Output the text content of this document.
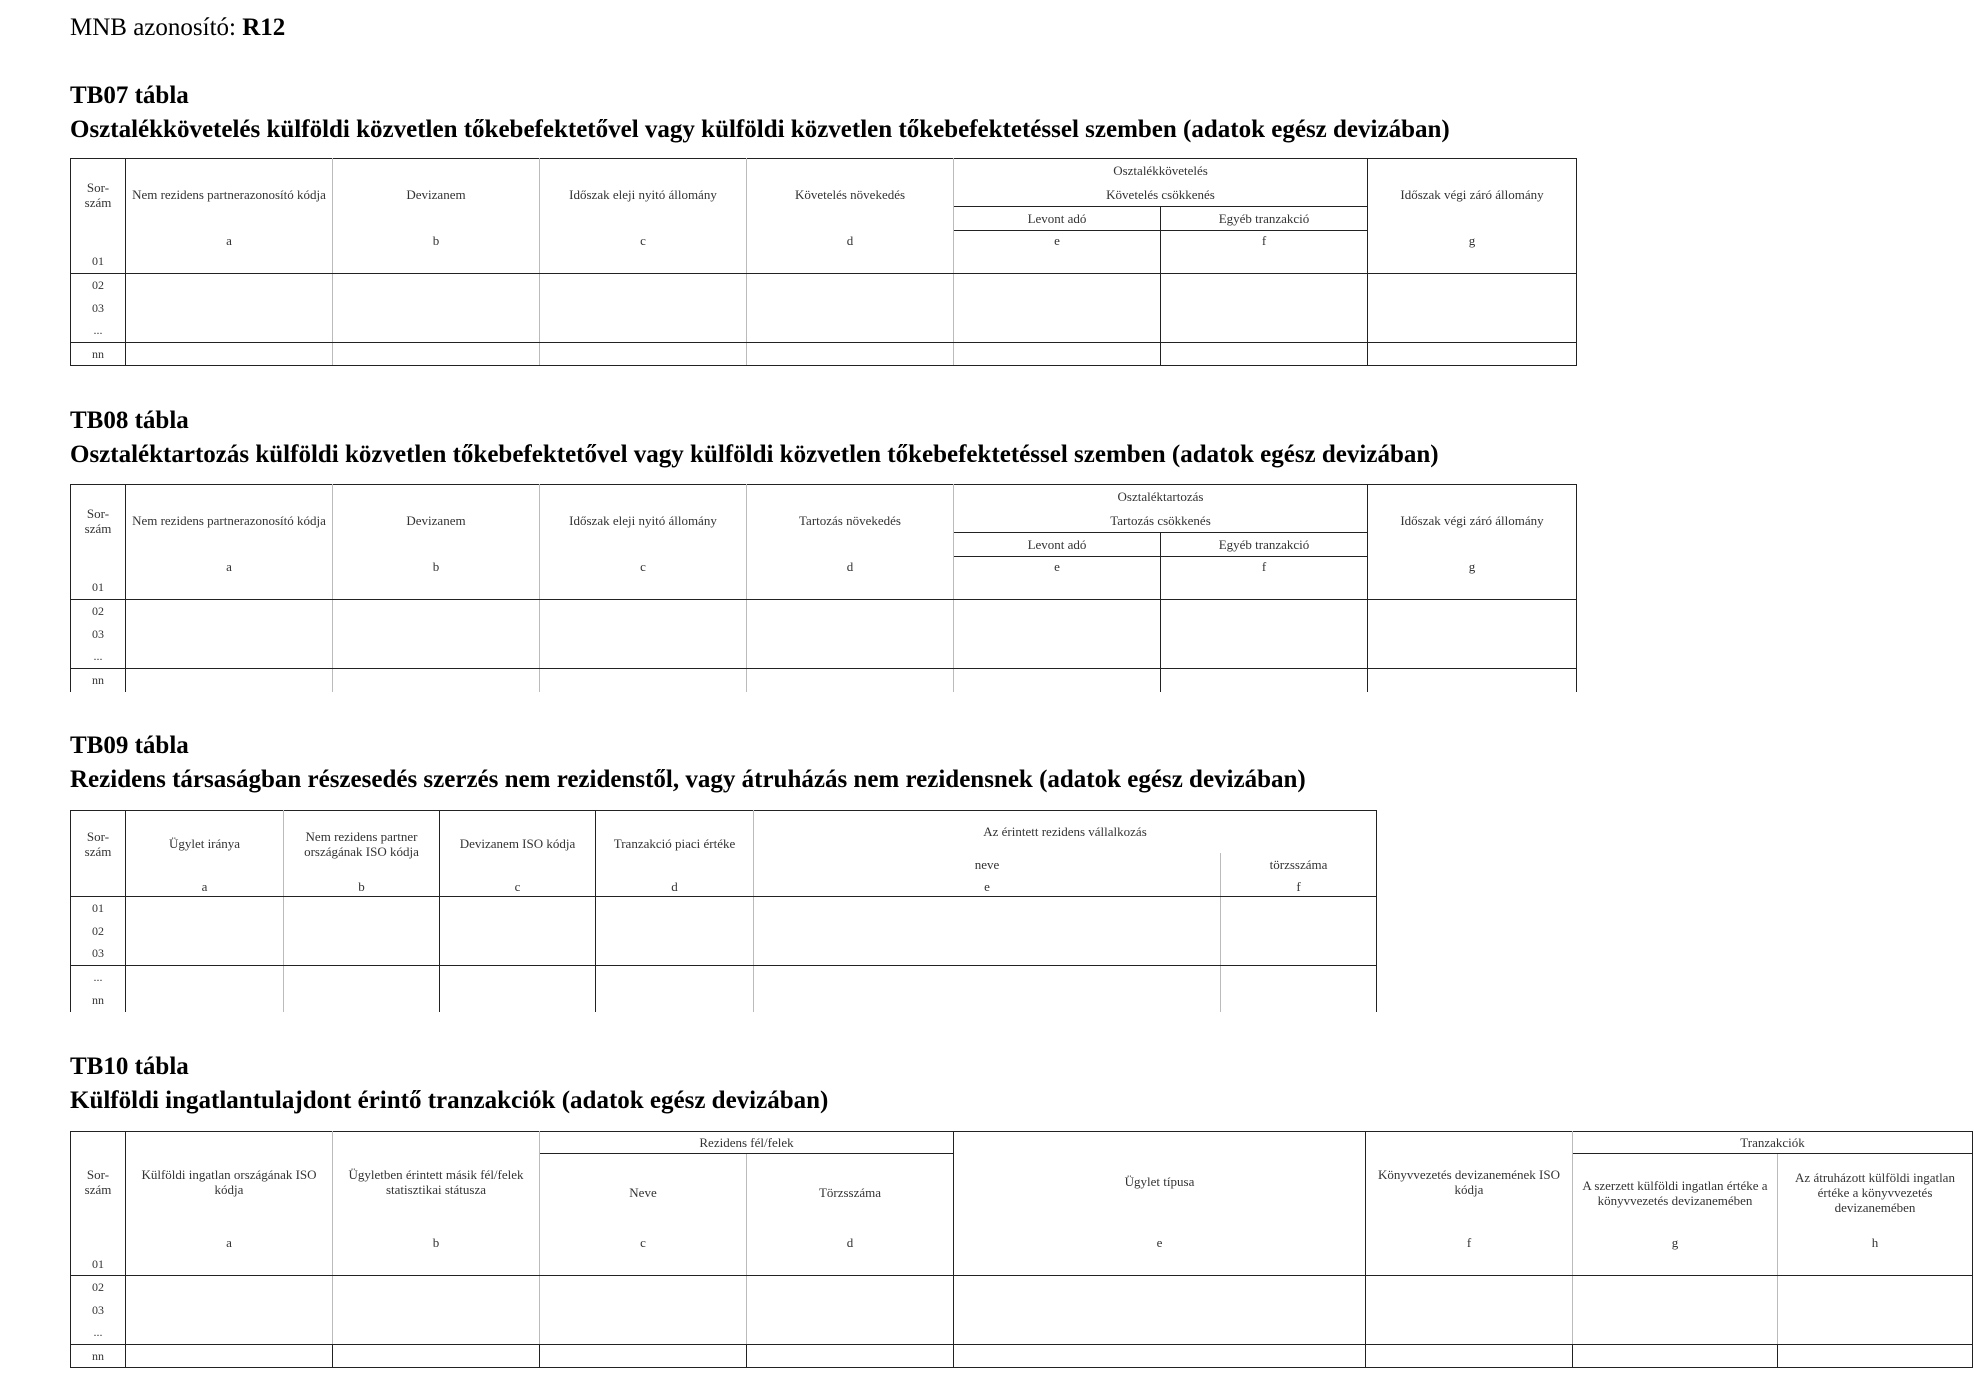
MNB azonosító: R12
TB07 tábla
Osztalékkövetelés külföldi közvetlen tőkebefektetővel vagy külföldi közvetlen tőkebefektetéssel szemben (adatok egész devizában)
Sor-
szám	Nem rezidens partnerazonosító kódja	Devizanem	Időszak eleji nyitó állomány	Követelés növekedés	Osztalékkövetelés		Időszak végi záró állomány
					Követelés csökkenés		
					Levont adó	Egyéb tranzakció	
	a	b	c	d	e	f	g
01							
02							
03							
...							
nn							
TB08 tábla
Osztaléktartozás külföldi közvetlen tőkebefektetővel vagy külföldi közvetlen tőkebefektetéssel szemben (adatok egész devizában)
Sor-
szám	Nem rezidens partnerazonosító kódja	Devizanem	Időszak eleji nyitó állomány	Tartozás növekedés	Osztaléktartozás		Időszak végi záró állomány
					Tartozás csökkenés		
					Levont adó	Egyéb tranzakció	
	a	b	c	d	e	f	g
01							
02							
03							
...							
nn							
TB09 tábla
Rezidens társaságban részesedés szerzés nem rezidenstől, vagy átruházás nem rezidensnek (adatok egész devizában)
Sor-
szám	Ügylet iránya	Nem rezidens partner országának ISO kódja	Devizanem ISO kódja	Tranzakció piaci értéke	Az érintett rezidens vállalkozás	
					neve	törzsszáma
	a	b	c	d	e	f
01						
02						
03						
...						
nn						
TB10 tábla
Külföldi ingatlantulajdont érintő tranzakciók (adatok egész devizában)
Sor-
szám	Külföldi ingatlan országának ISO kódja	Ügyletben érintett másik fél/felek statisztikai státusza	Rezidens fél/felek		Ügylet típusa	Könyvvezetés devizanemének ISO kódja	Tranzakciók	
			Neve	Törzsszáma			A szerzett külföldi ingatlan értéke a könyvvezetés devizanemében	Az átruházott külföldi ingatlan értéke a könyvvezetés devizanemében

	a	b	c	d	e	f	g	h
01								
02								
03								
...								
nn								
